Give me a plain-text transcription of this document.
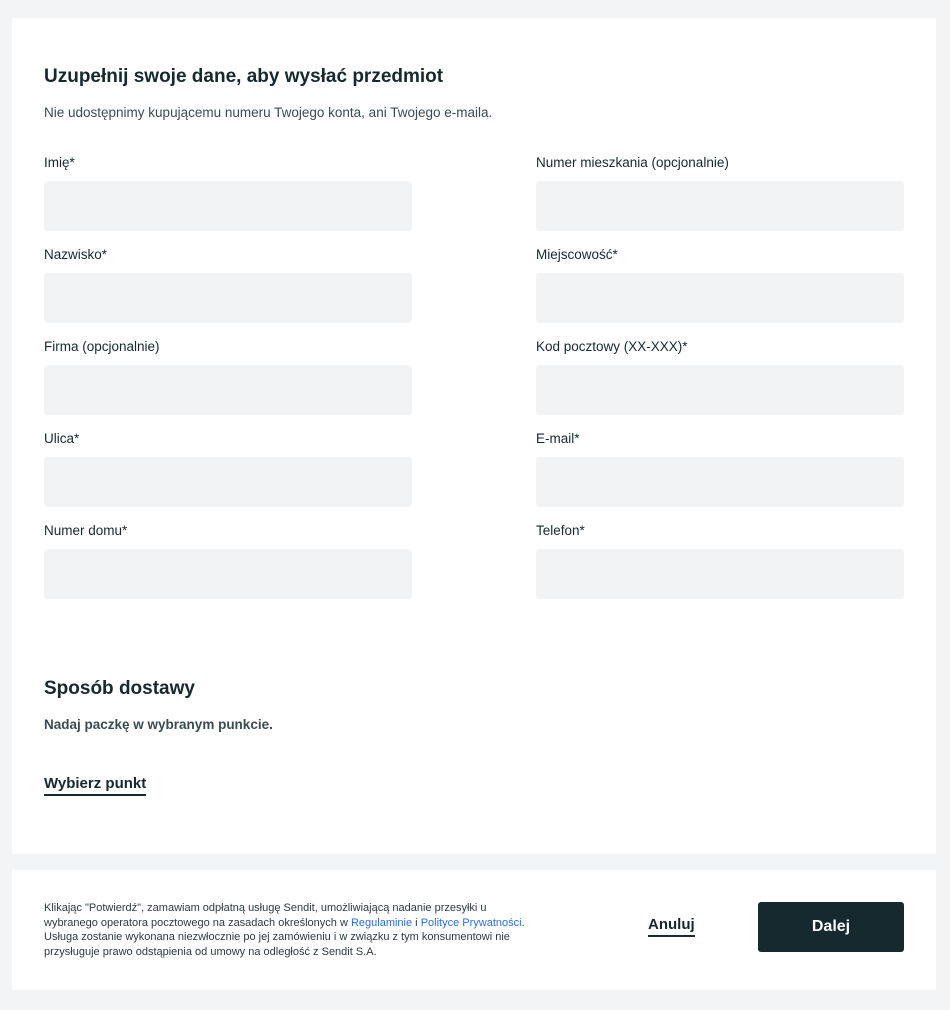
Uzupełnij swoje dane, aby wysłać przedmiot

Nie udostępnimy kupującemu numeru Twojego konta, ani Twojego e-maila.

Imię*
Nazwisko*
Firma (opcjonalnie)
Ulica*
Numer domu*
Numer mieszkania (opcjonalnie)
Miejscowość*
Kod pocztowy (XX-XXX)*
E-mail*
Telefon*
Sposób dostawy

Nadaj paczkę w wybranym punkcie.

Wybierz punkt

Klikając "Potwierdź", zamawiam odpłatną usługę Sendit, umożliwiającą nadanie przesyłki u wybranego operatora pocztowego na zasadach określonych w Regulaminie i Polityce Prywatności. Usługa zostanie wykonana niezwłocznie po jej zamówieniu i w związku z tym konsumentowi nie przysługuje prawo odstąpienia od umowy na odległość z Sendit S.A.

Anuluj	Dalej
